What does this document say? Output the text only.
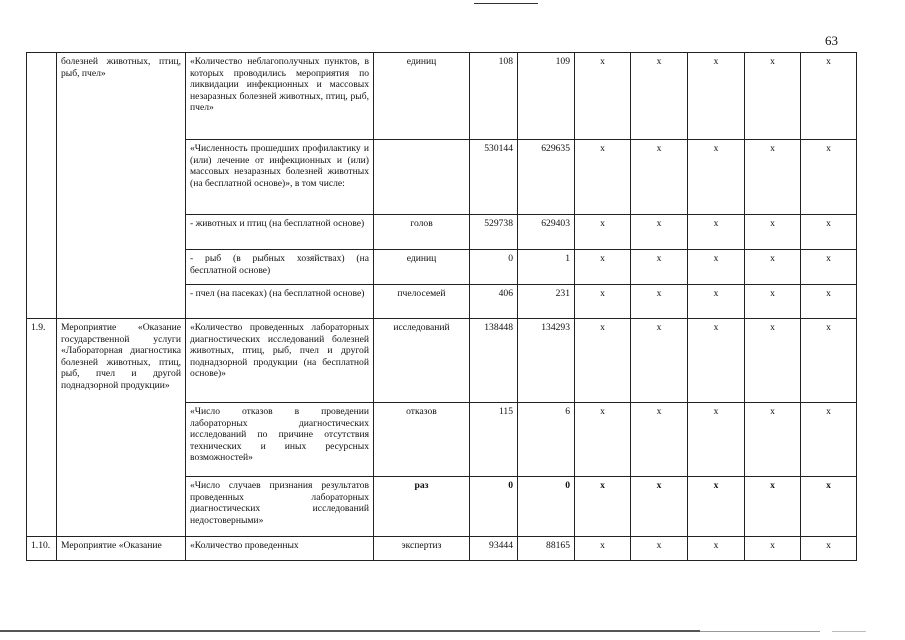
63
	болезней животных, птиц, рыб, пчел»	«Количество неблагополучных пунктов, в которых проводились мероприятия по ликвидации инфекционных и массовых незаразных болезней животных, птиц, рыб, пчел»	единиц	108	109	х	х	х	х	х
		«Численность прошедших профилактику и (или) лечение от инфекционных и (или) массовых незаразных болезней животных (на бесплатной основе)», в том числе:		530144	629635	х	х	х	х	х
		- животных и птиц (на бесплатной основе)	голов	529738	629403	х	х	х	х	х
		- рыб (в рыбных хозяйствах) (на бесплатной основе)	единиц	0	1	х	х	х	х	х
		- пчел (на пасеках) (на бесплатной основе)	пчелосемей	406	231	х	х	х	х	х
1.9.	Мероприятие «Оказание государственной услуги «Лабораторная диагностика болезней животных, птиц, рыб, пчел и другой поднадзорной продукции»	«Количество проведенных лабораторных диагностических исследований болезней животных, птиц, рыб, пчел и другой поднадзорной продукции (на бесплатной основе)»	исследований	138448	134293	х	х	х	х	х
		«Число отказов в проведении лабораторных диагностических исследований по причине отсутствия технических и иных ресурсных возможностей»	отказов	115	6	х	х	х	х	х
		«Число случаев признания результатов проведенных лабораторных диагностических исследований недостоверными»	раз	0	0	х	х	х	х	х
1.10.	Мероприятие «Оказание	«Количество проведенных	экспертиз	93444	88165	х	х	х	х	х
